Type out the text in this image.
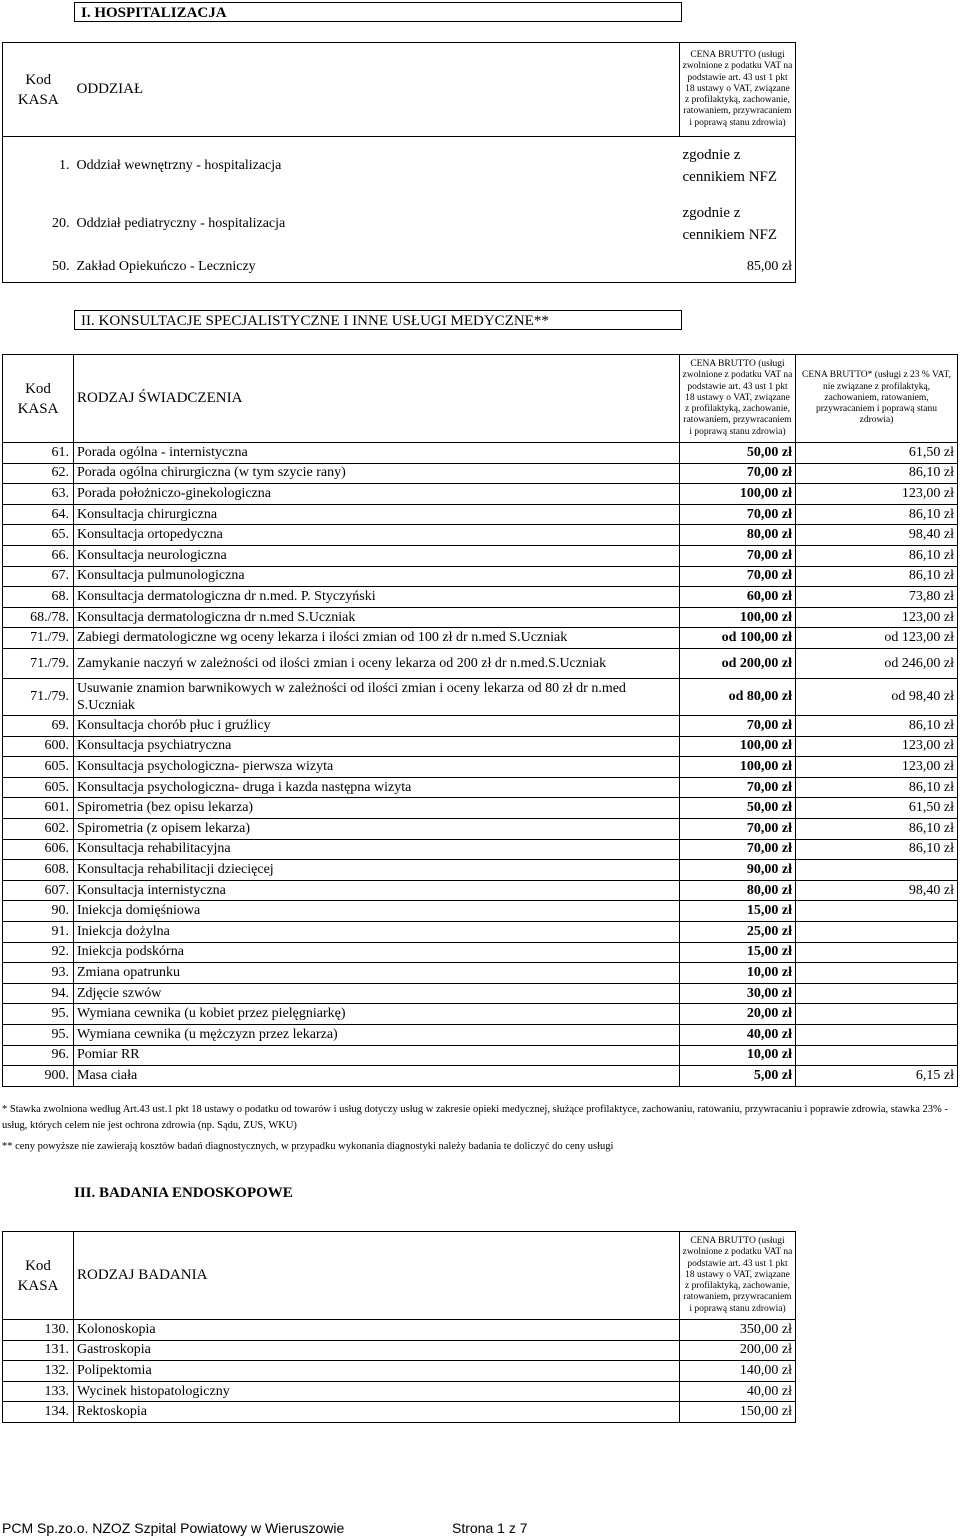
I. HOSPITALIZACJA
Kod KASA	ODDZIAŁ	CENA BRUTTO (usługi zwolnione z podatku VAT na podstawie art. 43 ust 1 pkt 18 ustawy o VAT, związane z profilaktyką, zachowanie, ratowaniem, przywracaniem i poprawą stanu zdrowia)
1.	Oddział wewnętrzny - hospitalizacja	zgodnie z cennikiem NFZ
20.	Oddział pediatryczny - hospitalizacja	zgodnie z cennikiem NFZ
50.	Zakład Opiekuńczo - Leczniczy	85,00 zł
II. KONSULTACJE SPECJALISTYCZNE I INNE USŁUGI MEDYCZNE**
Kod KASA	RODZAJ ŚWIADCZENIA	CENA BRUTTO (usługi zwolnione z podatku VAT na podstawie art. 43 ust 1 pkt 18 ustawy o VAT, związane z profilaktyką, zachowanie, ratowaniem, przywracaniem i poprawą stanu zdrowia)	CENA BRUTTO* (usługi z 23 % VAT, nie związane z profilaktyką, zachowaniem, ratowaniem, przywracaniem i poprawą stanu zdrowia)
61.	Porada ogólna - internistyczna	50,00 zł	61,50 zł
62.	Porada ogólna chirurgiczna (w tym szycie rany)	70,00 zł	86,10 zł
63.	Porada położniczo-ginekologiczna	100,00 zł	123,00 zł
64.	Konsultacja chirurgiczna	70,00 zł	86,10 zł
65.	Konsultacja ortopedyczna	80,00 zł	98,40 zł
66.	Konsultacja neurologiczna	70,00 zł	86,10 zł
67.	Konsultacja pulmunologiczna	70,00 zł	86,10 zł
68.	Konsultacja dermatologiczna dr n.med. P. Styczyński	60,00 zł	73,80 zł
68./78.	Konsultacja dermatologiczna dr n.med S.Uczniak	100,00 zł	123,00 zł
71./79.	Zabiegi dermatologiczne wg oceny lekarza i ilości zmian od 100 zł dr n.med S.Uczniak	od 100,00 zł	od 123,00 zł
71./79.	Zamykanie naczyń w zależności od ilości zmian i oceny lekarza od 200 zł dr n.med.S.Uczniak	od 200,00 zł	od 246,00 zł
71./79.	Usuwanie znamion barwnikowych w zależności od ilości zmian i oceny lekarza od 80 zł dr n.med S.Uczniak	od 80,00 zł	od 98,40 zł
69.	Konsultacja chorób płuc i gruźlicy	70,00 zł	86,10 zł
600.	Konsultacja psychiatryczna	100,00 zł	123,00 zł
605.	Konsultacja psychologiczna- pierwsza wizyta	100,00 zł	123,00 zł
605.	Konsultacja psychologiczna- druga i kazda następna wizyta	70,00 zł	86,10 zł
601.	Spirometria (bez opisu lekarza)	50,00 zł	61,50 zł
602.	Spirometria (z opisem lekarza)	70,00 zł	86,10 zł
606.	Konsultacja rehabilitacyjna	70,00 zł	86,10 zł
608.	Konsultacja rehabilitacji dziecięcej	90,00 zł	
607.	Konsultacja internistyczna	80,00 zł	98,40 zł
90.	Iniekcja domięśniowa	15,00 zł	
91.	Iniekcja dożylna	25,00 zł	
92.	Iniekcja podskórna	15,00 zł	
93.	Zmiana opatrunku	10,00 zł	
94.	Zdjęcie szwów	30,00 zł	
95.	Wymiana cewnika (u kobiet przez pielęgniarkę)	20,00 zł	
95.	Wymiana cewnika (u mężczyzn przez lekarza)	40,00 zł	
96.	Pomiar RR	10,00 zł	
900.	Masa ciała	5,00 zł	6,15 zł
* Stawka zwolniona według Art.43 ust.1 pkt 18 ustawy o podatku od towarów i usług dotyczy usług w zakresie opieki medycznej, służące profilaktyce, zachowaniu, ratowaniu, przywracaniu i poprawie zdrowia, stawka 23% - usług, których celem nie jest ochrona zdrowia (np. Sądu, ZUS, WKU)
** ceny powyższe nie zawierają kosztów badań diagnostycznych, w przypadku wykonania diagnostyki należy badania te doliczyć do ceny usługi
III. BADANIA ENDOSKOPOWE
Kod KASA	RODZAJ BADANIA	CENA BRUTTO (usługi zwolnione z podatku VAT na podstawie art. 43 ust 1 pkt 18 ustawy o VAT, związane z profilaktyką, zachowanie, ratowaniem, przywracaniem i poprawą stanu zdrowia)
130.	Kolonoskopia	350,00 zł
131.	Gastroskopia	200,00 zł
132.	Polipektomia	140,00 zł
133.	Wycinek histopatologiczny	40,00 zł
134.	Rektoskopia	150,00 zł
PCM Sp.zo.o. NZOZ Szpital Powiatowy w Wieruszowie	Strona 1 z 7
